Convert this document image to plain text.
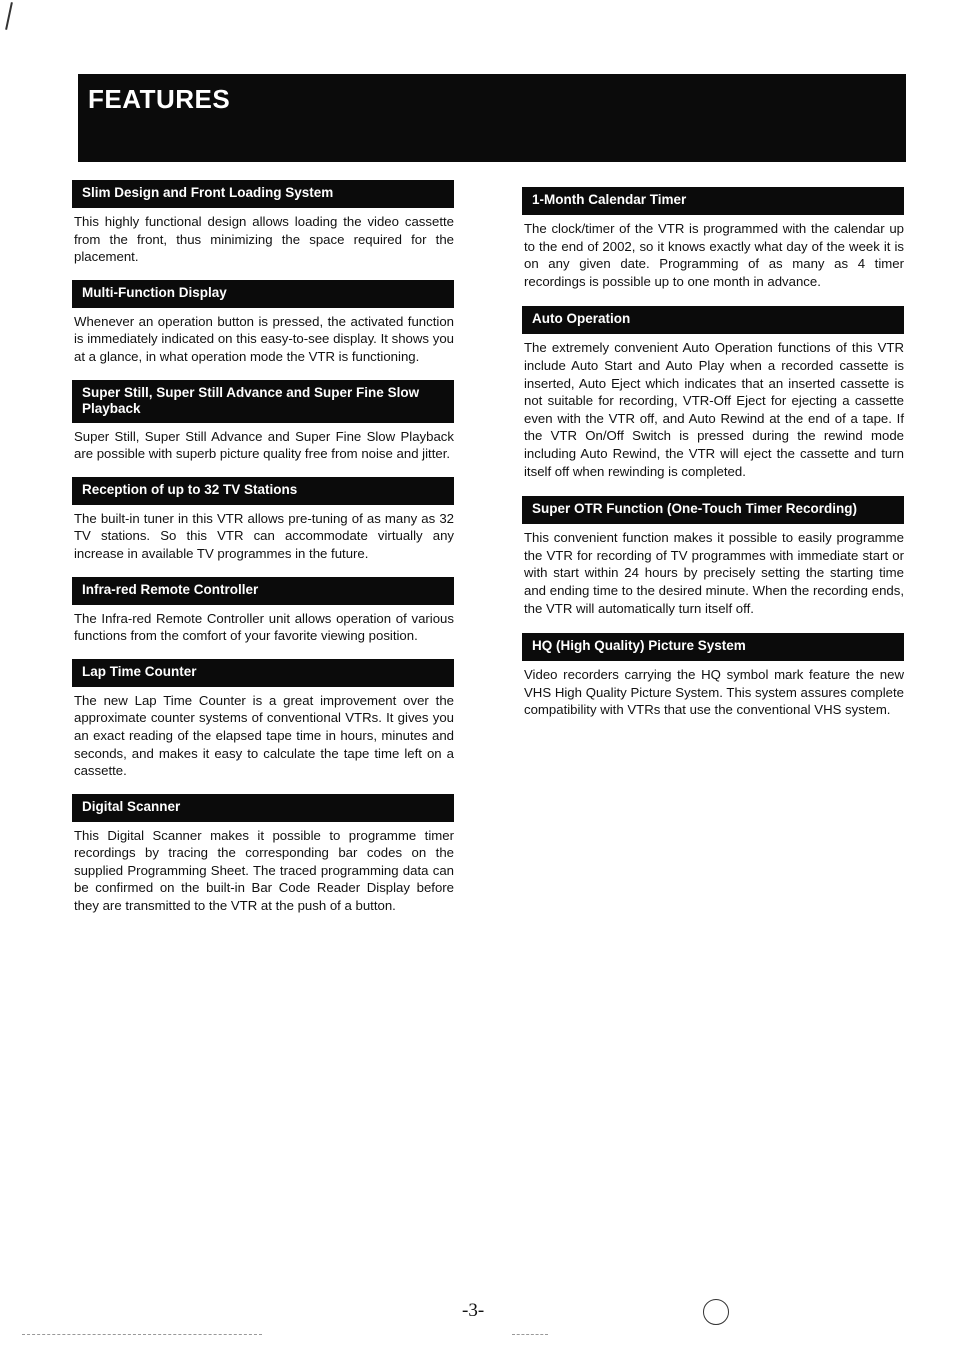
FEATURES
Slim Design and Front Loading System
This highly functional design allows loading the video cassette from the front, thus minimizing the space required for the placement.
Multi-Function Display
Whenever an operation button is pressed, the activated function is immediately indicated on this easy-to-see display. It shows you at a glance, in what operation mode the VTR is functioning.
Super Still, Super Still Advance and Super Fine Slow Playback
Super Still, Super Still Advance and Super Fine Slow Playback are possible with superb picture quality free from noise and jitter.
Reception of up to 32 TV Stations
The built-in tuner in this VTR allows pre-tuning of as many as 32 TV stations. So this VTR can accommodate virtually any increase in available TV programmes in the future.
Infra-red Remote Controller
The Infra-red Remote Controller unit allows operation of various functions from the comfort of your favorite viewing position.
Lap Time Counter
The new Lap Time Counter is a great improvement over the approximate counter systems of conventional VTRs. It gives you an exact reading of the elapsed tape time in hours, minutes and seconds, and makes it easy to calculate the tape time left on a cassette.
Digital Scanner
This Digital Scanner makes it possible to programme timer recordings by tracing the corresponding bar codes on the supplied Programming Sheet. The traced programming data can be confirmed on the built-in Bar Code Reader Display before they are transmitted to the VTR at the push of a button.
1-Month Calendar Timer
The clock/timer of the VTR is programmed with the calendar up to the end of 2002, so it knows exactly what day of the week it is on any given date. Programming of as many as 4 timer recordings is possible up to one month in advance.
Auto Operation
The extremely convenient Auto Operation functions of this VTR include Auto Start and Auto Play when a recorded cassette is inserted, Auto Eject which indicates that an inserted cassette is not suitable for recording, VTR-Off Eject for ejecting a cassette even with the VTR off, and Auto Rewind at the end of a tape. If the VTR On/Off Switch is pressed during the rewind mode including Auto Rewind, the VTR will eject the cassette and turn itself off when rewinding is completed.
Super OTR Function (One-Touch Timer Recording)
This convenient function makes it possible to easily programme the VTR for recording of TV programmes with immediate start or with start within 24 hours by precisely setting the starting time and ending time to the desired minute. When the recording ends, the VTR will automatically turn itself off.
HQ (High Quality) Picture System
Video recorders carrying the HQ symbol mark feature the new VHS High Quality Picture System. This system assures complete compatibility with VTRs that use the conventional VHS system.
-3-
